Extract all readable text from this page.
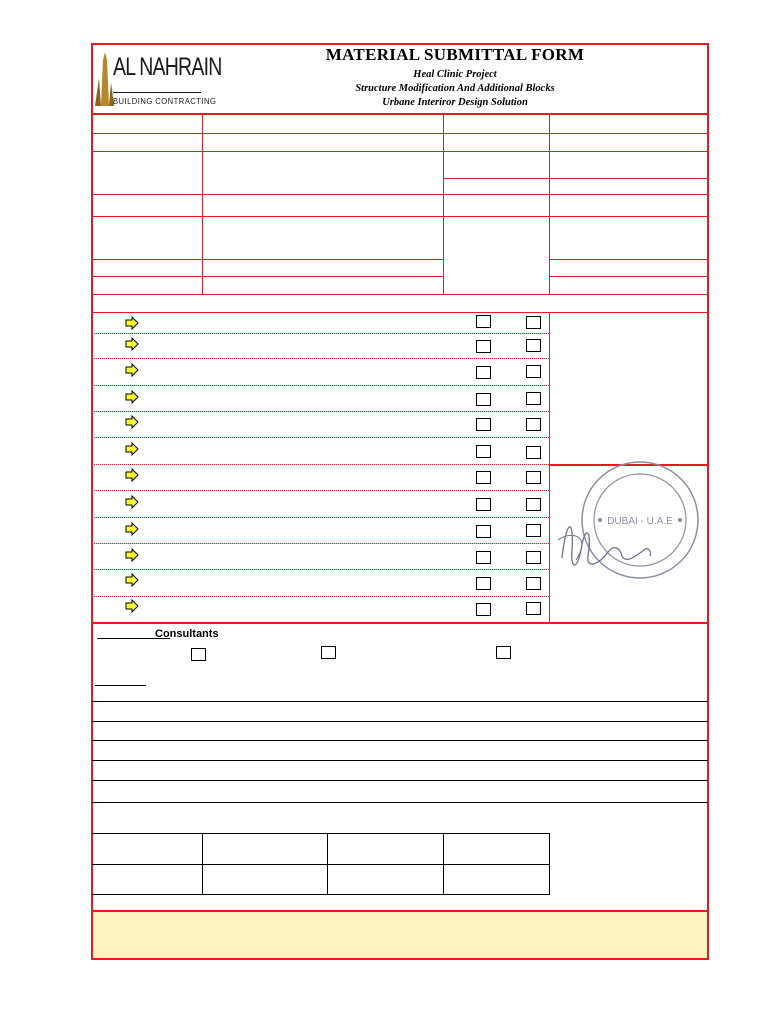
AL NAHRAIN
BUILDING CONTRACTING
MATERIAL SUBMITTAL FORM
Heal Clinic Project
Structure Modification And Additional Blocks
Urbane Interiror Design Solution
DUBAI - U.A.E
Consultants
